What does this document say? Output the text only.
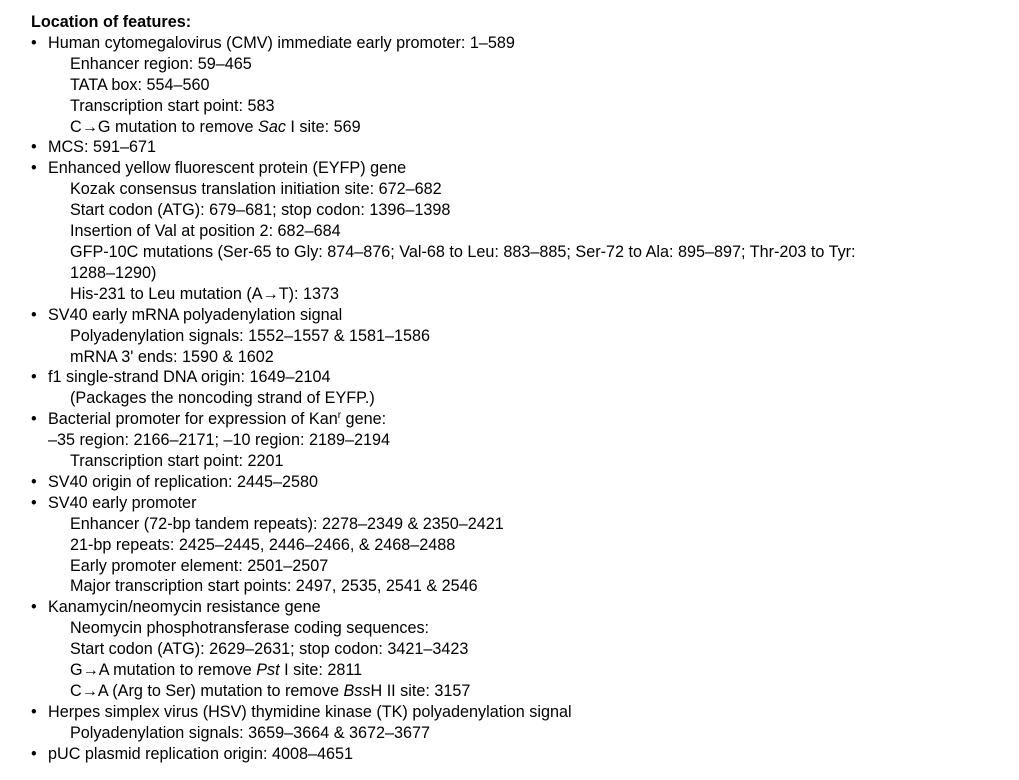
Location of features:

• Human cytomegalovirus (CMV) immediate early promoter: 1–589
Enhancer region: 59–465
TATA box: 554–560
Transcription start point: 583
C→G mutation to remove Sac I site: 569
• MCS: 591–671
• Enhanced yellow fluorescent protein (EYFP) gene
Kozak consensus translation initiation site: 672–682
Start codon (ATG): 679–681; stop codon: 1396–1398
Insertion of Val at position 2: 682–684
GFP-10C mutations (Ser-65 to Gly: 874–876; Val-68 to Leu: 883–885; Ser-72 to Ala: 895–897; Thr-203 to Tyr:
1288–1290)
His-231 to Leu mutation (A→T): 1373
• SV40 early mRNA polyadenylation signal
Polyadenylation signals: 1552–1557 & 1581–1586
mRNA 3' ends: 1590 & 1602
• f1 single-strand DNA origin: 1649–2104
(Packages the noncoding strand of EYFP.)
• Bacterial promoter for expression of Kan$^r$ gene:
–35 region: 2166–2171; –10 region: 2189–2194
Transcription start point: 2201
• SV40 origin of replication: 2445–2580
• SV40 early promoter
Enhancer (72-bp tandem repeats): 2278–2349 & 2350–2421
21-bp repeats: 2425–2445, 2446–2466, & 2468–2488
Early promoter element: 2501–2507
Major transcription start points: 2497, 2535, 2541 & 2546
• Kanamycin/neomycin resistance gene
Neomycin phosphotransferase coding sequences:
Start codon (ATG): 2629–2631; stop codon: 3421–3423
G→A mutation to remove Pst I site: 2811
C→A (Arg to Ser) mutation to remove BssH II site: 3157
• Herpes simplex virus (HSV) thymidine kinase (TK) polyadenylation signal
Polyadenylation signals: 3659–3664 & 3672–3677
• pUC plasmid replication origin: 4008–4651
